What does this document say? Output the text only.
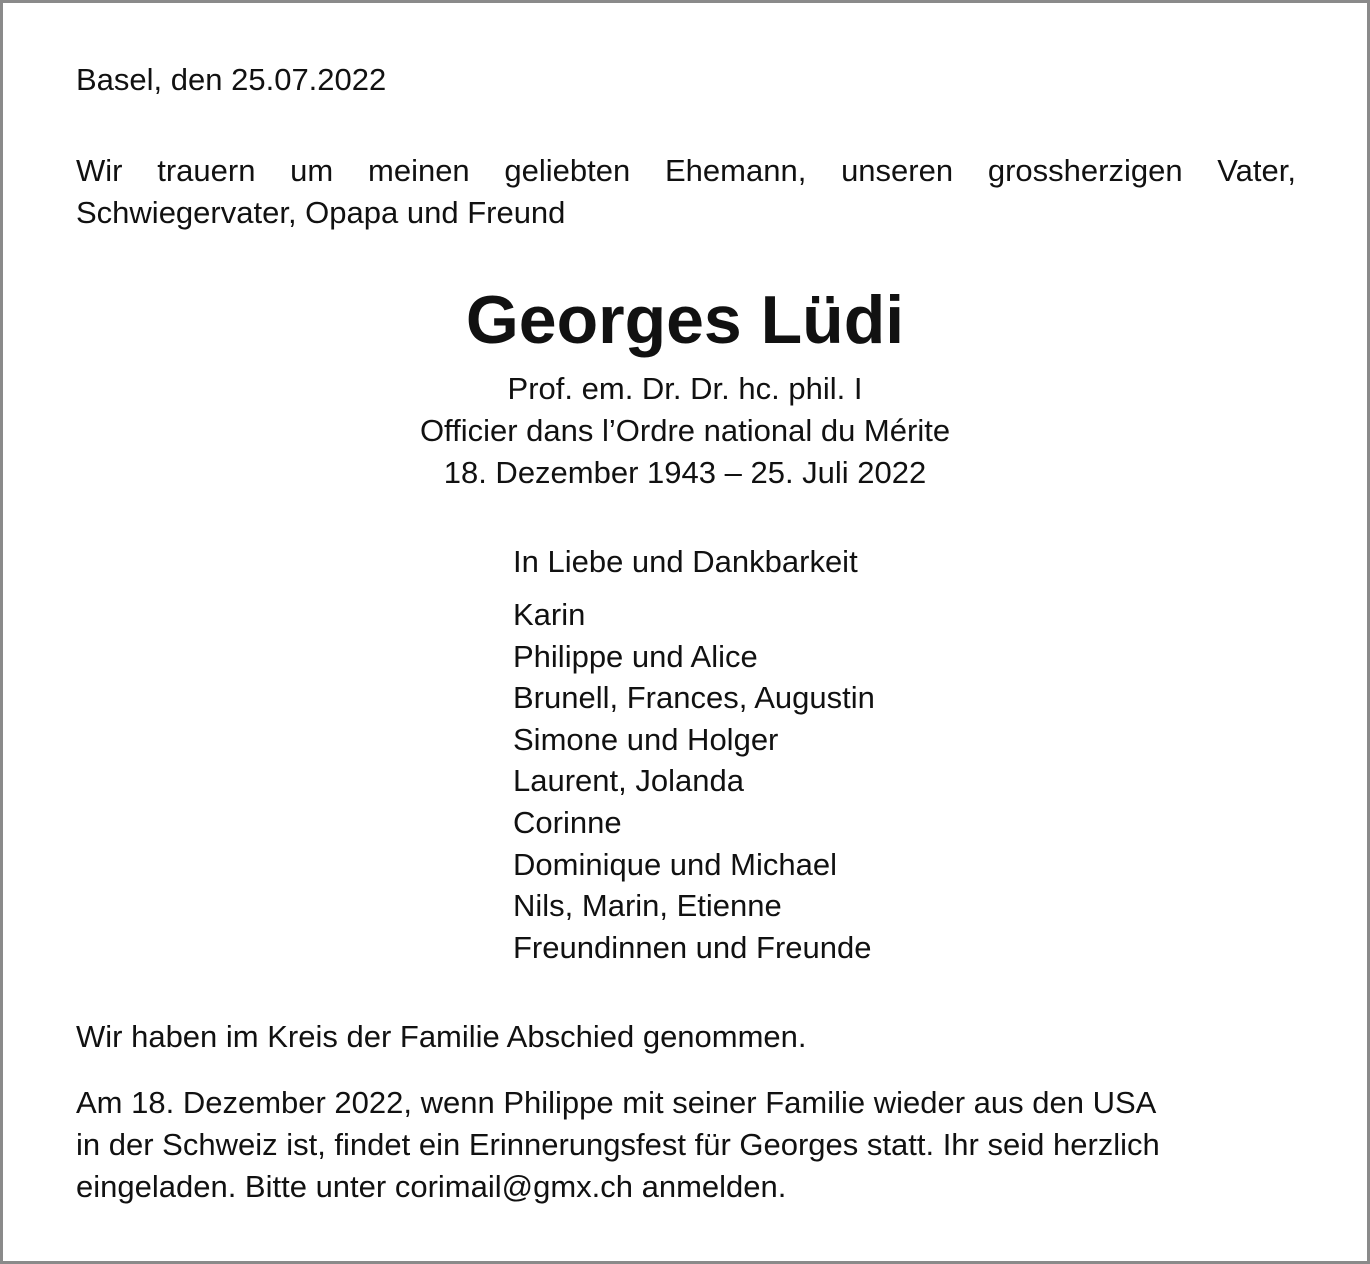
Basel, den 25.07.2022
Wir trauern um meinen geliebten Ehemann, unseren grossherzigen Vater,
Schwiegervater, Opapa und Freund
Georges Lüdi
Prof. em. Dr. Dr. hc. phil. I
Officier dans l’Ordre national du Mérite
18. Dezember 1943 – 25. Juli 2022
In Liebe und Dankbarkeit
Karin
Philippe und Alice
Brunell, Frances, Augustin
Simone und Holger
Laurent, Jolanda
Corinne
Dominique und Michael
Nils, Marin, Etienne
Freundinnen und Freunde
Wir haben im Kreis der Familie Abschied genommen.
Am 18. Dezember 2022, wenn Philippe mit seiner Familie wieder aus den USA
in der Schweiz ist, findet ein Erinnerungsfest für Georges statt. Ihr seid herzlich
eingeladen. Bitte unter corimail@gmx.ch anmelden.
